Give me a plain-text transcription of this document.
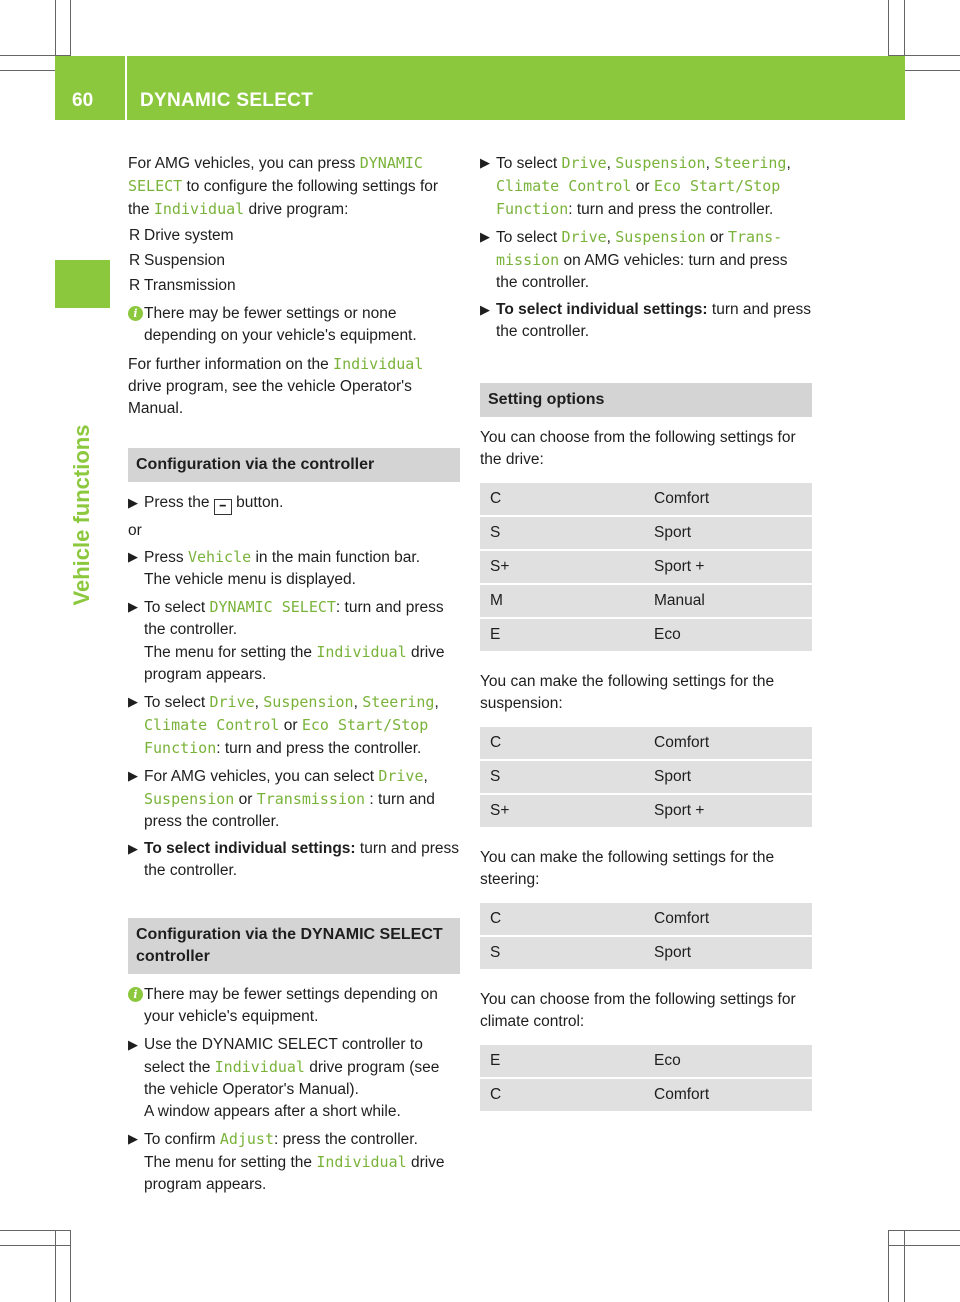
60 DYNAMIC SELECT
Vehicle functions

For AMG vehicles, you can press DYNAMIC SELECT to configure the following settings for the Individual drive program:

R Drive system
R Suspension
R Transmission
i There may be fewer settings or none depending on your vehicle's equipment.

For further information on the Individual drive program, see the vehicle Operator's Manual.

Configuration via the controller
▶ Press the ━ button.

or

▶ Press Vehicle in the main function bar.
The vehicle menu is displayed.
▶ To select DYNAMIC SELECT: turn and press the controller.
The menu for setting the Individual drive program appears.
▶ To select Drive, Suspension, Steering, Climate Control or Eco Start/Stop Function: turn and press the controller.
▶ For AMG vehicles, you can select Drive, Suspension or Transmission : turn and press the controller.
▶ To select individual settings: turn and press the controller.
Configuration via the DYNAMIC SELECT controller
i There may be fewer settings depending on your vehicle's equipment.
▶ Use the DYNAMIC SELECT controller to select the Individual drive program (see the vehicle Operator's Manual).
A window appears after a short while.
▶ To confirm Adjust: press the controller.
The menu for setting the Individual drive program appears.
▶ To select Drive, Suspension, Steering, Climate Control or Eco Start/Stop Function: turn and press the controller.
▶ To select Drive, Suspension or Trans‐mission on AMG vehicles: turn and press the controller.
▶ To select individual settings: turn and press the controller.
Setting options

You can choose from the following settings for the drive:

C	Comfort
S	Sport
S+	Sport +
M	Manual
E	Eco

You can make the following settings for the suspension:

C	Comfort
S	Sport
S+	Sport +

You can make the following settings for the steering:

C	Comfort
S	Sport

You can choose from the following settings for climate control:

E	Eco
C	Comfort
